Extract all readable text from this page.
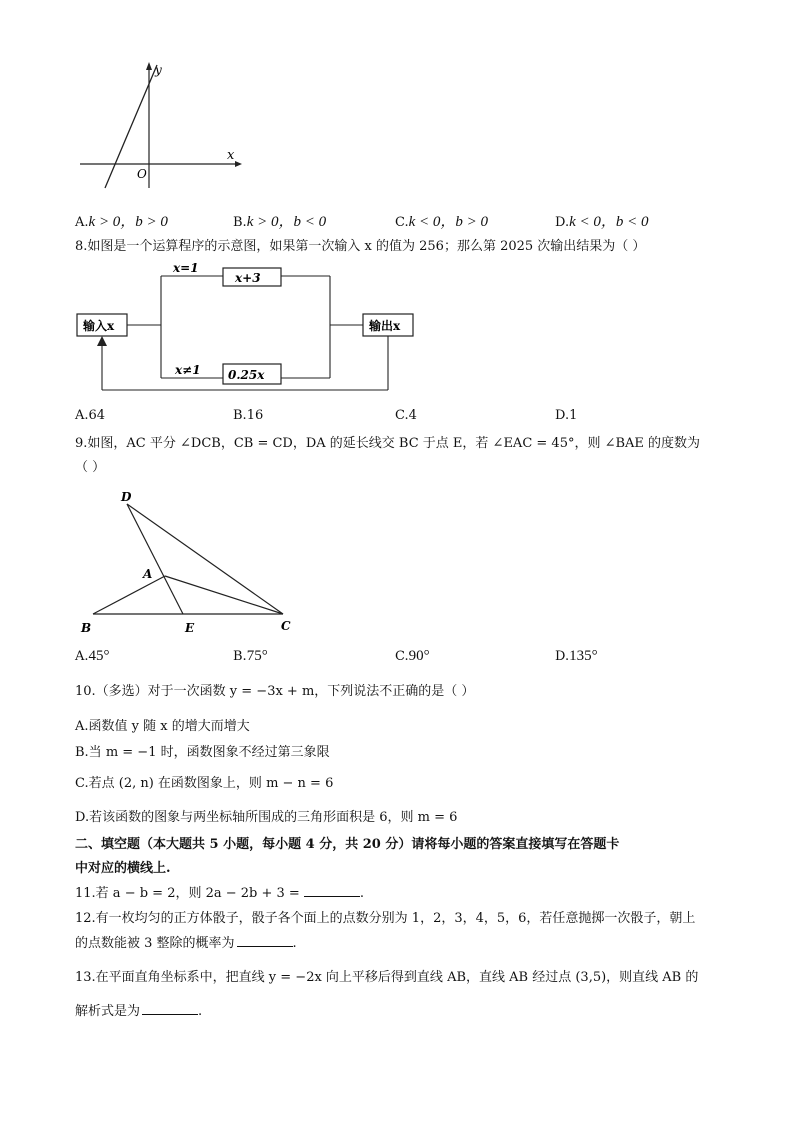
y
x
O
A.k > 0，b > 0	B.k > 0，b < 0	C.k < 0，b > 0	D.k < 0，b < 0
8.如图是一个运算程序的示意图，如果第一次输入 x 的值为 256；那么第 2025 次输出结果为（ ）
输入x	输出x
x+3
0.25x
x=1
x≠1
A.64	B.16	C.4	D.1
9.如图，AC 平分 ∠DCB，CB = CD，DA 的延长线交 BC 于点 E，若 ∠EAC = 45°，则 ∠BAE 的度数为
（ ）
D
A
B	E	C
A.45°	B.75°	C.90°	D.135°
10.（多选）对于一次函数 y = −3x + m，下列说法不正确的是（ ）
A.函数值 y 随 x 的增大而增大
B.当 m = −1 时，函数图象不经过第三象限
C.若点 (2, n) 在函数图象上，则 m − n = 6
D.若该函数的图象与两坐标轴所围成的三角形面积是 6，则 m = 6
二、填空题（本大题共 5 小题，每小题 4 分，共 20 分）请将每小题的答案直接填写在答题卡
中对应的横线上.
11.若 a − b = 2，则 2a − 2b + 3 =	.
12.有一枚均匀的正方体骰子，骰子各个面上的点数分别为 1，2，3，4，5，6，若任意抛掷一次骰子，朝上
的点数能被 3 整除的概率为	.
13.在平面直角坐标系中，把直线 y = −2x 向上平移后得到直线 AB，直线 AB 经过点 (3,5)，则直线 AB 的
解析式是为	.
